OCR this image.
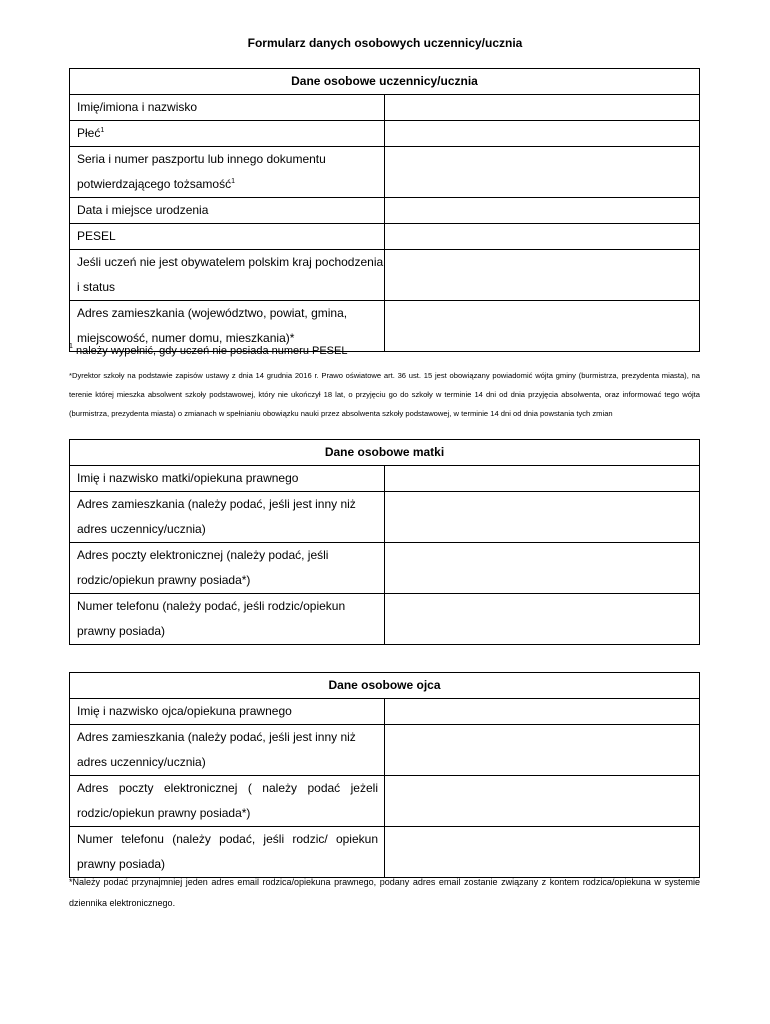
Formularz danych osobowych uczennicy/ucznia
Dane osobowe uczennicy/ucznia	
Imię/imiona i nazwisko	
Płeć$^1$	
Seria i numer paszportu lub innego dokumentu potwierdzającego tożsamość$^1$	
Data i miejsce urodzenia	
PESEL	
Jeśli uczeń nie jest obywatelem polskim kraj pochodzenia i status	
Adres zamieszkania (województwo, powiat, gmina, miejscowość, numer domu, mieszkania)*	
$^1$ należy wypełnić, gdy uczeń nie posiada numeru PESEL
*Dyrektor szkoły na podstawie zapisów ustawy z dnia 14 grudnia 2016 r. Prawo oświatowe art. 36 ust. 15 jest obowiązany powiadomić wójta gminy (burmistrza, prezydenta miasta), na terenie której mieszka absolwent szkoły podstawowej, który nie ukończył 18 lat, o przyjęciu go do szkoły w terminie 14 dni od dnia przyjęcia absolwenta, oraz informować tego wójta (burmistrza, prezydenta miasta) o zmianach w spełnianiu obowiązku nauki przez absolwenta szkoły podstawowej, w terminie 14 dni od dnia powstania tych zmian
Dane osobowe matki	
Imię i nazwisko matki/opiekuna prawnego	
Adres zamieszkania (należy podać, jeśli jest inny niż adres uczennicy/ucznia)	
Adres poczty elektronicznej (należy podać, jeśli rodzic/opiekun prawny posiada*)	
Numer telefonu (należy podać, jeśli rodzic/opiekun prawny posiada)	
Dane osobowe ojca	
Imię i nazwisko ojca/opiekuna prawnego	
Adres zamieszkania (należy podać, jeśli jest inny niż adres uczennicy/ucznia)	
Adres poczty elektronicznej ( należy podać jeżeli rodzic/opiekun prawny posiada*)	
Numer telefonu (należy podać, jeśli rodzic/ opiekun prawny posiada)	
*Należy podać przynajmniej jeden adres email rodzica/opiekuna prawnego, podany adres email zostanie związany z kontem rodzica/opiekuna w systemie dziennika elektronicznego.
